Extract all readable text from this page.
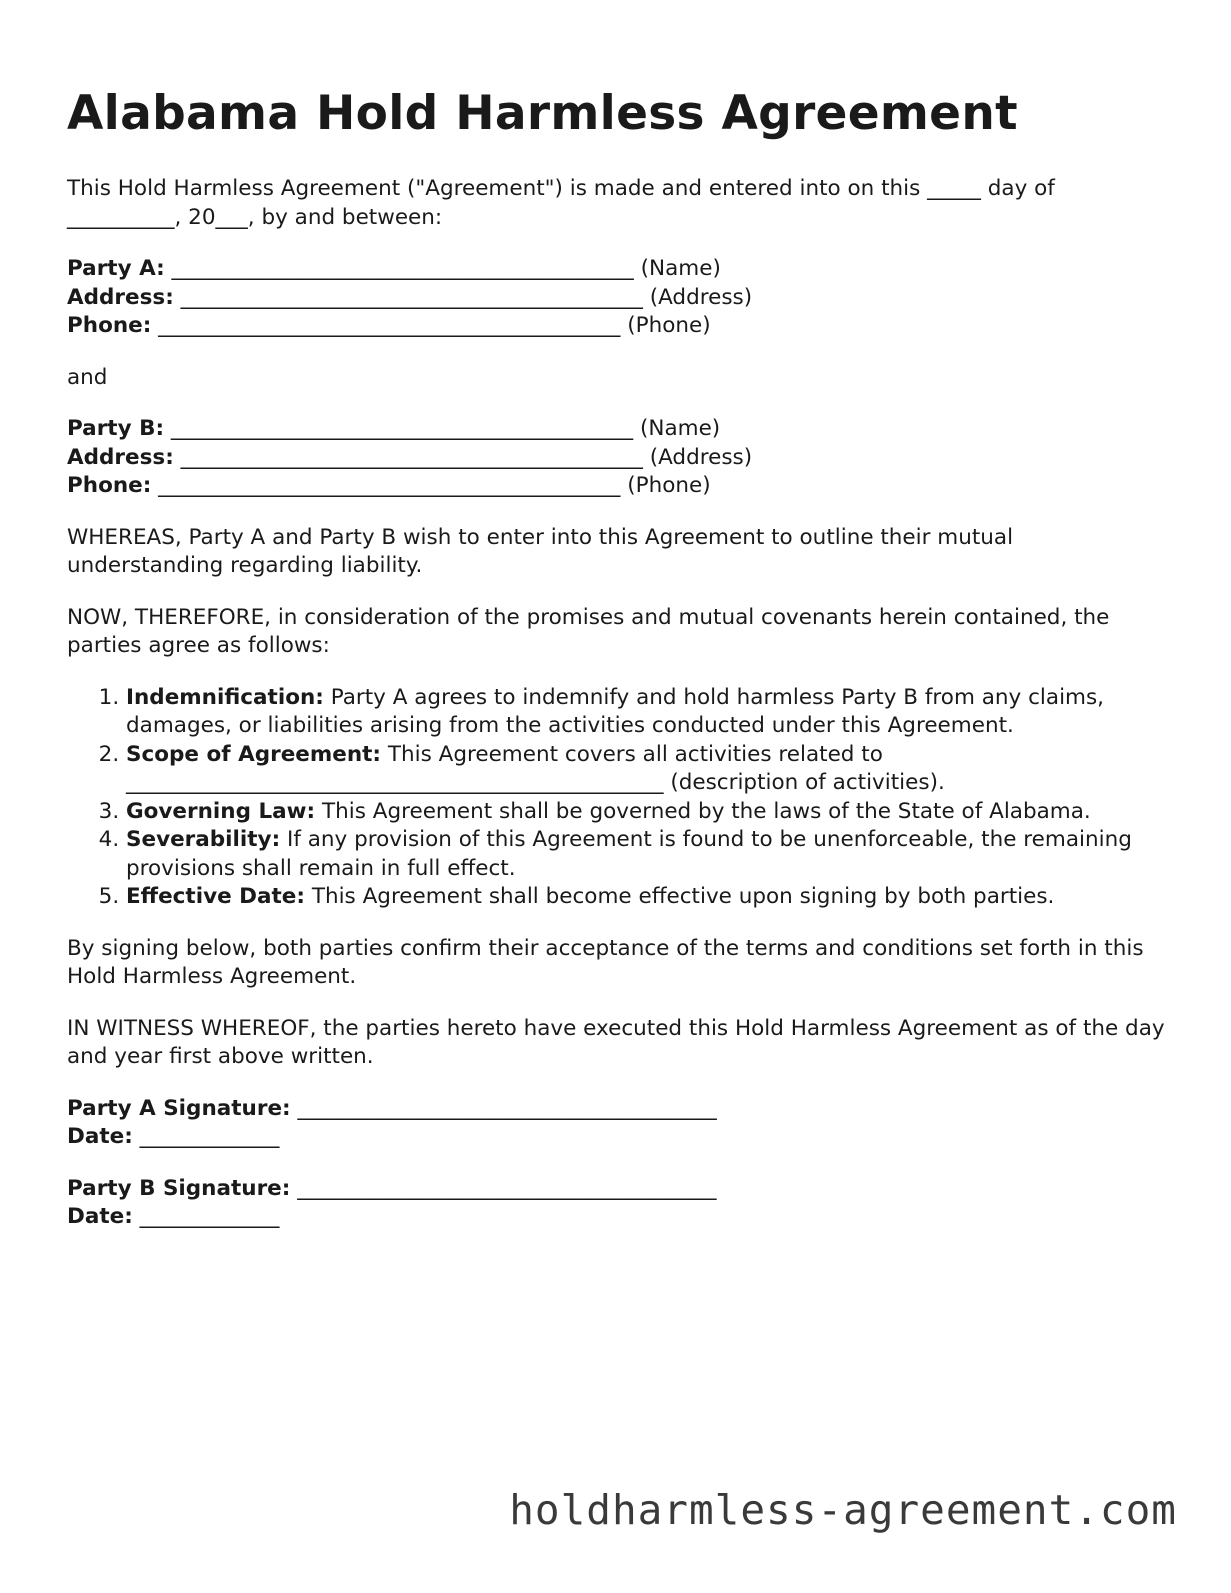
Alabama Hold Harmless Agreement

This Hold Harmless Agreement ("Agreement") is made and entered into on this _____ day of __________, 20___, by and between:

Party A: ___________________________________________ (Name)
Address: ___________________________________________ (Address)
Phone: ___________________________________________ (Phone)

and

Party B: ___________________________________________ (Name)
Address: ___________________________________________ (Address)
Phone: ___________________________________________ (Phone)

WHEREAS, Party A and Party B wish to enter into this Agreement to outline their mutual understanding regarding liability.

NOW, THEREFORE, in consideration of the promises and mutual covenants herein contained, the parties agree as follows:

1. Indemnification: Party A agrees to indemnify and hold harmless Party B from any claims, damages, or liabilities arising from the activities conducted under this Agreement.
2. Scope of Agreement: This Agreement covers all activities related to __________________________________________________ (description of activities).
3. Governing Law: This Agreement shall be governed by the laws of the State of Alabama.
4. Severability: If any provision of this Agreement is found to be unenforceable, the remaining provisions shall remain in full effect.
5. Effective Date: This Agreement shall become effective upon signing by both parties.

By signing below, both parties confirm their acceptance of the terms and conditions set forth in this Hold Harmless Agreement.

IN WITNESS WHEREOF, the parties hereto have executed this Hold Harmless Agreement as of the day and year first above written.

Party A Signature: _______________________________________
Date: _____________
Party B Signature: _______________________________________
Date: _____________
holdharmless-agreement.com
